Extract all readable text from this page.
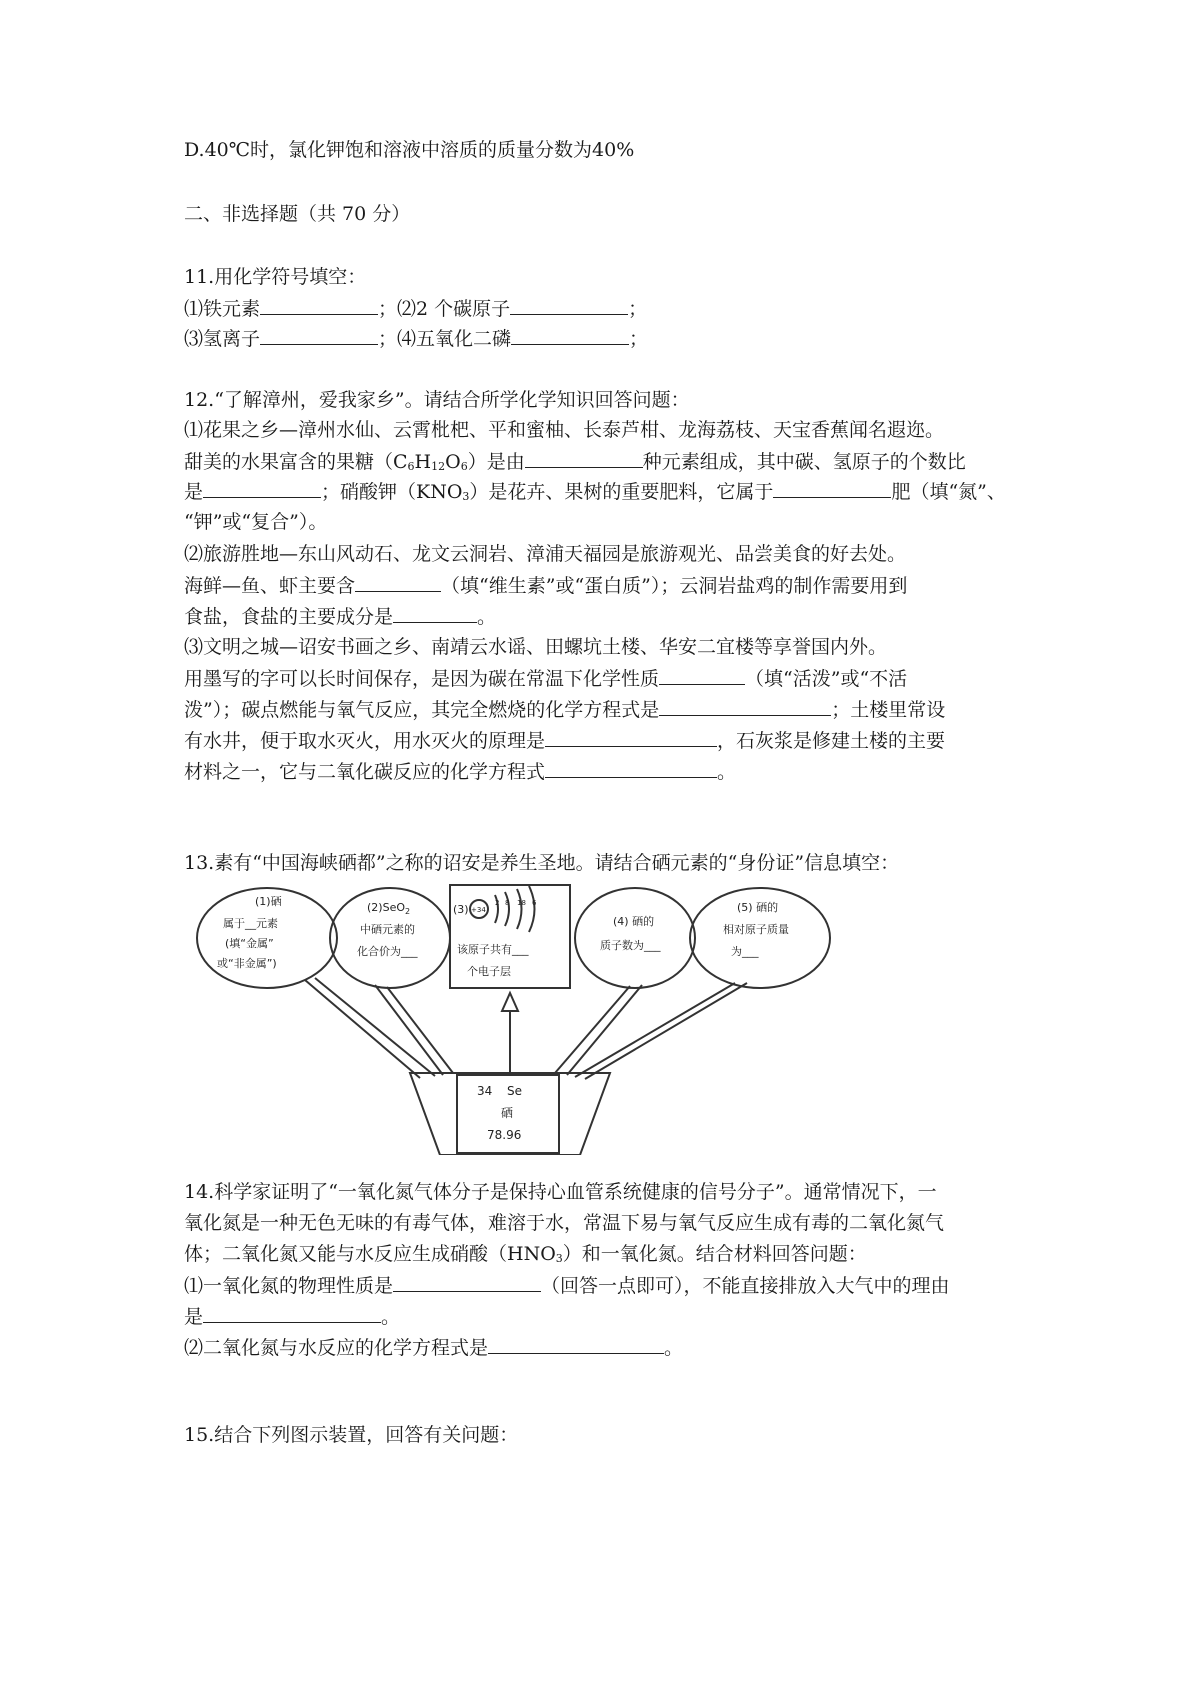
D.40℃时，氯化钾饱和溶液中溶质的质量分数为40%
二、非选择题（共 70 分）
11.用化学符号填空：
⑴铁元素	；⑵2 个碳原子	；
⑶氢离子	；⑷五氧化二磷	；
12.“了解漳州，爱我家乡”。请结合所学化学知识回答问题：
⑴花果之乡—漳州水仙、云霄枇杷、平和蜜柚、长泰芦柑、龙海荔枝、天宝香蕉闻名遐迩。
甜美的水果富含的果糖$(C_6H_{12}O_6)$是由	种元素组成，其中碳、氢原子的个数比
是	；硝酸钾$(KNO_3)$是花卉、果树的重要肥料，它属于	肥（填“氮”、
“钾”或“复合”）。
⑵旅游胜地—东山风动石、龙文云洞岩、漳浦天福园是旅游观光、品尝美食的好去处。
海鲜—鱼、虾主要含	（填“维生素”或“蛋白质”）；云洞岩盐鸡的制作需要用到
食盐，食盐的主要成分是	。
⑶文明之城—诏安书画之乡、南靖云水谣、田螺坑土楼、华安二宜楼等享誉国内外。
用墨写的字可以长时间保存，是因为碳在常温下化学性质	（填“活泼”或“不活
泼”）；碳点燃能与氧气反应，其完全燃烧的化学方程式是	；土楼里常设
有水井，便于取水灭火，用水灭火的原理是	，石灰浆是修建土楼的主要
材料之一，它与二氧化碳反应的化学方程式	。
13.素有“中国海峡硒都”之称的诏安是养生圣地。请结合硒元素的“身份证”信息填空：
(1)硒
属于__元素
(填“金属”
或“非金属”)
(2)SeO$_2$
中硒元素的
化合价为___
(3) +34
2 8 18 6
该原子共有___
个电子层
(4) 硒的
质子数为___
(5) 硒的
相对原子质量
为___
34 Se
硒
78.96
14.科学家证明了“一氧化氮气体分子是保持心血管系统健康的信号分子”。通常情况下，一
氧化氮是一种无色无味的有毒气体，难溶于水，常温下易与氧气反应生成有毒的二氧化氮气
体；二氧化氮又能与水反应生成硝酸$(HNO_3)$和一氧化氮。结合材料回答问题：
⑴一氧化氮的物理性质是	（回答一点即可），不能直接排放入大气中的理由
是	。
⑵二氧化氮与水反应的化学方程式是	。
15.结合下列图示装置，回答有关问题：
